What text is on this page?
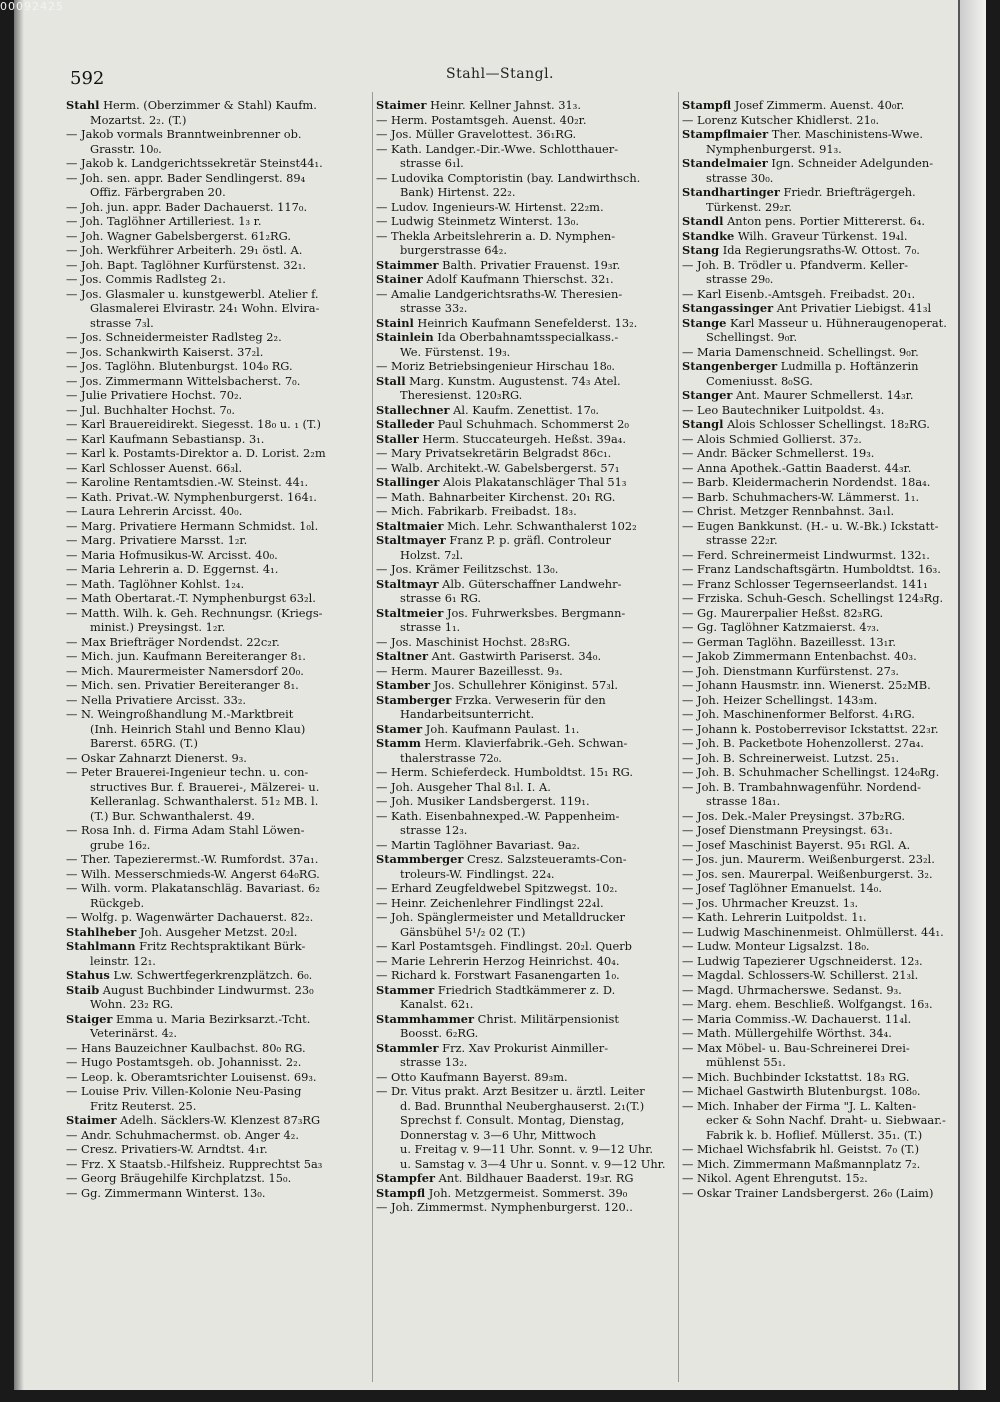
592	Stahl—Stangl.
Stahl Herm. (Oberzimmer & Stahl) Kaufm.
Mozartst. 2₂. (T.)
— Jakob vormals Branntweinbrenner ob.
Grasstr. 10₀.
— Jakob k. Landgerichtssekretär Steinst44₁.
— Joh. sen. appr. Bader Sendlingerst. 89₄
Offiz. Färbergraben 20.
— Joh. jun. appr. Bader Dachauerst. 117₀.
— Joh. Taglöhner Artilleriest. 1₃ r.
— Joh. Wagner Gabelsbergerst. 61₂RG.
— Joh. Werkführer Arbeiterh. 29₁ östl. A.
— Joh. Bapt. Taglöhner Kurfürstenst. 32₁.
— Jos. Commis Radlsteg 2₁.
— Jos. Glasmaler u. kunstgewerbl. Atelier f.
Glasmalerei Elvirastr. 24₁ Wohn. Elvira-
strasse 7₃l.
— Jos. Schneidermeister Radlsteg 2₂.
— Jos. Schankwirth Kaiserst. 37₂l.
— Jos. Taglöhn. Blutenburgst. 104₀ RG.
— Jos. Zimmermann Wittelsbacherst. 7₀.
— Julie Privatiere Hochst. 70₂.
— Jul. Buchhalter Hochst. 7₀.
— Karl Brauereidirekt. Siegesst. 18₀ u. ₁ (T.)
— Karl Kaufmann Sebastiansp. 3₁.
— Karl k. Postamts-Direktor a. D. Lorist. 2₂m
— Karl Schlosser Auenst. 66₃l.
— Karoline Rentamtsdien.-W. Steinst. 44₁.
— Kath. Privat.-W. Nymphenburgerst. 164₁.
— Laura Lehrerin Arcisst. 40₀.
— Marg. Privatiere Hermann Schmidst. 1₀l.
— Marg. Privatiere Marsst. 1₂r.
— Maria Hofmusikus-W. Arcisst. 40₀.
— Maria Lehrerin a. D. Eggernst. 4₁.
— Math. Taglöhner Kohlst. 1₂₄.
— Math Obertarat.-T. Nymphenburgst 63₂l.
— Matth. Wilh. k. Geh. Rechnungsr. (Kriegs-
minist.) Preysingst. 1₂r.
— Max Briefträger Nordendst. 22c₂r.
— Mich. jun. Kaufmann Bereiteranger 8₁.
— Mich. Maurermeister Namersdorf 20₀.
— Mich. sen. Privatier Bereiteranger 8₁.
— Nella Privatiere Arcisst. 33₂.
— N. Weingroßhandlung M.-Marktbreit
(Inh. Heinrich Stahl und Benno Klau)
Barerst. 65RG. (T.)
— Oskar Zahnarzt Dienerst. 9₃.
— Peter Brauerei-Ingenieur techn. u. con-
structives Bur. f. Brauerei-, Mälzerei- u.
Kelleranlag. Schwanthalerst. 51₂ MB. l.
(T.) Bur. Schwanthalerst. 49.
— Rosa Inh. d. Firma Adam Stahl Löwen-
grube 16₂.
— Ther. Tapezierermst.-W. Rumfordst. 37a₁.
— Wilh. Messerschmieds-W. Angerst 64₀RG.
— Wilh. vorm. Plakatanschläg. Bavariast. 6₂
Rückgeb.
— Wolfg. p. Wagenwärter Dachauerst. 82₂.
Stahlheber Joh. Ausgeher Metzst. 20₂l.
Stahlmann Fritz Rechtspraktikant Bürk-
leinstr. 12₁.
Stahus Lw. Schwertfegerkrenzplätzch. 6₀.
Staib August Buchbinder Lindwurmst. 23₀
Wohn. 23₂ RG.
Staiger Emma u. Maria Bezirksarzt.-Tcht.
Veterinärst. 4₂.
— Hans Bauzeichner Kaulbachst. 80₀ RG.
— Hugo Postamtsgeh. ob. Johannisst. 2₂.
— Leop. k. Oberamtsrichter Louisenst. 69₃.
— Louise Priv. Villen-Kolonie Neu-Pasing
Fritz Reuterst. 25.
Staimer Adelh. Säcklers-W. Klenzest 87₃RG
— Andr. Schuhmachermst. ob. Anger 4₂.
— Cresz. Privatiers-W. Arndtst. 4₁r.
— Frz. X Staatsb.-Hilfsheiz. Rupprechtst 5a₃
— Georg Bräugehilfe Kirchplatzst. 15₀.
— Gg. Zimmermann Winterst. 13₀.
Staimer Heinr. Kellner Jahnst. 31₃.
— Herm. Postamtsgeh. Auenst. 40₂r.
— Jos. Müller Gravelottest. 36₁RG.
— Kath. Landger.-Dir.-Wwe. Schlotthauer-
strasse 6₁l.
— Ludovika Comptoristin (bay. Landwirthsch.
Bank) Hirtenst. 22₂.
— Ludov. Ingenieurs-W. Hirtenst. 22₂m.
— Ludwig Steinmetz Winterst. 13₀.
— Thekla Arbeitslehrerin a. D. Nymphen-
burgerstrasse 64₂.
Staimmer Balth. Privatier Frauenst. 19₃r.
Stainer Adolf Kaufmann Thierschst. 32₁.
— Amalie Landgerichtsraths-W. Theresien-
strasse 33₂.
Stainl Heinrich Kaufmann Senefelderst. 13₂.
Stainlein Ida Oberbahnamtsspecialkass.-
We. Fürstenst. 19₃.
— Moriz Betriebsingenieur Hirschau 18₀.
Stall Marg. Kunstm. Augustenst. 74₃ Atel.
Theresienst. 120₃RG.
Stallechner Al. Kaufm. Zenettist. 17₀.
Stalleder Paul Schuhmach. Schommerst 2₀
Staller Herm. Stuccateurgeh. Heßst. 39a₄.
— Mary Privatsekretärin Belgradst 86c₁.
— Walb. Architekt.-W. Gabelsbergerst. 57₁
Stallinger Alois Plakatanschläger Thal 51₃
— Math. Bahnarbeiter Kirchenst. 20₁ RG.
— Mich. Fabrikarb. Freibadst. 18₃.
Staltmaier Mich. Lehr. Schwanthalerst 102₂
Staltmayer Franz P. p. gräfl. Controleur
Holzst. 7₂l.
— Jos. Krämer Feilitzschst. 13₀.
Staltmayr Alb. Güterschaffner Landwehr-
strasse 6₁ RG.
Staltmeier Jos. Fuhrwerksbes. Bergmann-
strasse 1₁.
— Jos. Maschinist Hochst. 28₃RG.
Staltner Ant. Gastwirth Pariserst. 34₀.
— Herm. Maurer Bazeillesst. 9₃.
Stamber Jos. Schullehrer Königinst. 57₃l.
Stamberger Frzka. Verweserin für den
Handarbeitsunterricht.
Stamer Joh. Kaufmann Paulast. 1₁.
Stamm Herm. Klavierfabrik.-Geh. Schwan-
thalerstrasse 72₀.
— Herm. Schieferdeck. Humboldtst. 15₁ RG.
— Joh. Ausgeher Thal 8₁l. I. A.
— Joh. Musiker Landsbergerst. 119₁.
— Kath. Eisenbahnexped.-W. Pappenheim-
strasse 12₃.
— Martin Taglöhner Bavariast. 9a₂.
Stammberger Cresz. Salzsteueramts-Con-
troleurs-W. Findlingst. 22₄.
— Erhard Zeugfeldwebel Spitzwegst. 10₂.
— Heinr. Zeichenlehrer Findlingst 22₄l.
— Joh. Spänglermeister und Metalldrucker
Gänsbühel 5¹/₂ 02 (T.)
— Karl Postamtsgeh. Findlingst. 20₂l. Querb
— Marie Lehrerin Herzog Heinrichst. 40₄.
— Richard k. Forstwart Fasanengarten 1₀.
Stammer Friedrich Stadtkämmerer z. D.
Kanalst. 62₁.
Stammhammer Christ. Militärpensionist
Boosst. 6₂RG.
Stammler Frz. Xav Prokurist Ainmiller-
strasse 13₂.
— Otto Kaufmann Bayerst. 89₃m.
— Dr. Vitus prakt. Arzt Besitzer u. ärztl. Leiter
d. Bad. Brunnthal Neuberghauserst. 2₁(T.)
Sprechst f. Consult. Montag, Dienstag,
Donnerstag v. 3—6 Uhr, Mittwoch
u. Freitag v. 9—11 Uhr. Sonnt. v. 9—12 Uhr.
u. Samstag v. 3—4 Uhr u. Sonnt. v. 9—12 Uhr.
Stampfer Ant. Bildhauer Baaderst. 19₃r. RG
Stampfl Joh. Metzgermeist. Sommerst. 39₀
— Joh. Zimmermst. Nymphenburgerst. 120..
Stampfl Josef Zimmerm. Auenst. 40₀r.
— Lorenz Kutscher Khidlerst. 21₀.
Stampflmaier Ther. Maschinistens-Wwe.
Nymphenburgerst. 91₃.
Standelmaier Ign. Schneider Adelgunden-
strasse 30₀.
Standhartinger Friedr. Briefträgergeh.
Türkenst. 29₂r.
Standl Anton pens. Portier Mittererst. 6₄.
Standke Wilh. Graveur Türkenst. 19₄l.
Stang Ida Regierungsraths-W. Ottost. 7₀.
— Joh. B. Trödler u. Pfandverm. Keller-
strasse 29₀.
— Karl Eisenb.-Amtsgeh. Freibadst. 20₁.
Stangassinger Ant Privatier Liebigst. 41₃l
Stange Karl Masseur u. Hühneraugenoperat.
Schellingst. 9₀r.
— Maria Damenschneid. Schellingst. 9₀r.
Stangenberger Ludmilla p. Hoftänzerin
Comeniusst. 8₀SG.
Stanger Ant. Maurer Schmellerst. 14₃r.
— Leo Bautechniker Luitpoldst. 4₃.
Stangl Alois Schlosser Schellingst. 18₂RG.
— Alois Schmied Gollierst. 37₂.
— Andr. Bäcker Schmellerst. 19₃.
— Anna Apothek.-Gattin Baaderst. 44₃r.
— Barb. Kleidermacherin Nordendst. 18a₄.
— Barb. Schuhmachers-W. Lämmerst. 1₁.
— Christ. Metzger Rennbahnst. 3a₁l.
— Eugen Bankkunst. (H.- u. W.-Bk.) Ickstatt-
strasse 22₂r.
— Ferd. Schreinermeist Lindwurmst. 132₁.
— Franz Landschaftsgärtn. Humboldtst. 16₃.
— Franz Schlosser Tegernseerlandst. 141₁
— Frziska. Schuh-Gesch. Schellingst 124₃Rg.
— Gg. Maurerpalier Heßst. 82₃RG.
— Gg. Taglöhner Katzmaierst. 4₇₃.
— German Taglöhn. Bazeillesst. 13₁r.
— Jakob Zimmermann Entenbachst. 40₃.
— Joh. Dienstmann Kurfürstenst. 27₃.
— Johann Hausmstr. inn. Wienerst. 25₂MB.
— Joh. Heizer Schellingst. 143₃m.
— Joh. Maschinenformer Belforst. 4₁RG.
— Johann k. Postoberrevisor Ickstattst. 22₃r.
— Joh. B. Packetbote Hohenzollerst. 27a₄.
— Joh. B. Schreinerweist. Lutzst. 25₁.
— Joh. B. Schuhmacher Schellingst. 124₀Rg.
— Joh. B. Trambahnwagenführ. Nordend-
strasse 18a₁.
— Jos. Dek.-Maler Preysingst. 37b₂RG.
— Josef Dienstmann Preysingst. 63₁.
— Josef Maschinist Bayerst. 95₁ RGl. A.
— Jos. jun. Maurerm. Weißenburgerst. 23₂l.
— Jos. sen. Maurerpal. Weißenburgerst. 3₂.
— Josef Taglöhner Emanuelst. 14₀.
— Jos. Uhrmacher Kreuzst. 1₃.
— Kath. Lehrerin Luitpoldst. 1₁.
— Ludwig Maschinenmeist. Ohlmüllerst. 44₁.
— Ludw. Monteur Ligsalzst. 18₀.
— Ludwig Tapezierer Ugschneiderst. 12₃.
— Magdal. Schlossers-W. Schillerst. 21₃l.
— Magd. Uhrmacherswe. Sedanst. 9₃.
— Marg. ehem. Beschließ. Wolfgangst. 16₃.
— Maria Commiss.-W. Dachauerst. 11₄l.
— Math. Müllergehilfe Wörthst. 34₄.
— Max Möbel- u. Bau-Schreinerei Drei-
mühlenst 55₁.
— Mich. Buchbinder Ickstattst. 18₃ RG.
— Michael Gastwirth Blutenburgst. 108₀.
— Mich. Inhaber der Firma "J. L. Kalten-
ecker & Sohn Nachf. Draht- u. Siebwaar.-
Fabrik k. b. Hoflief. Müllerst. 35₁. (T.)
— Michael Wichsfabrik hl. Geistst. 7₀ (T.)
— Mich. Zimmermann Maßmannplatz 7₂.
— Nikol. Agent Ehrengutst. 15₂.
— Oskar Trainer Landsbergerst. 26₀ (Laim)
00092425
